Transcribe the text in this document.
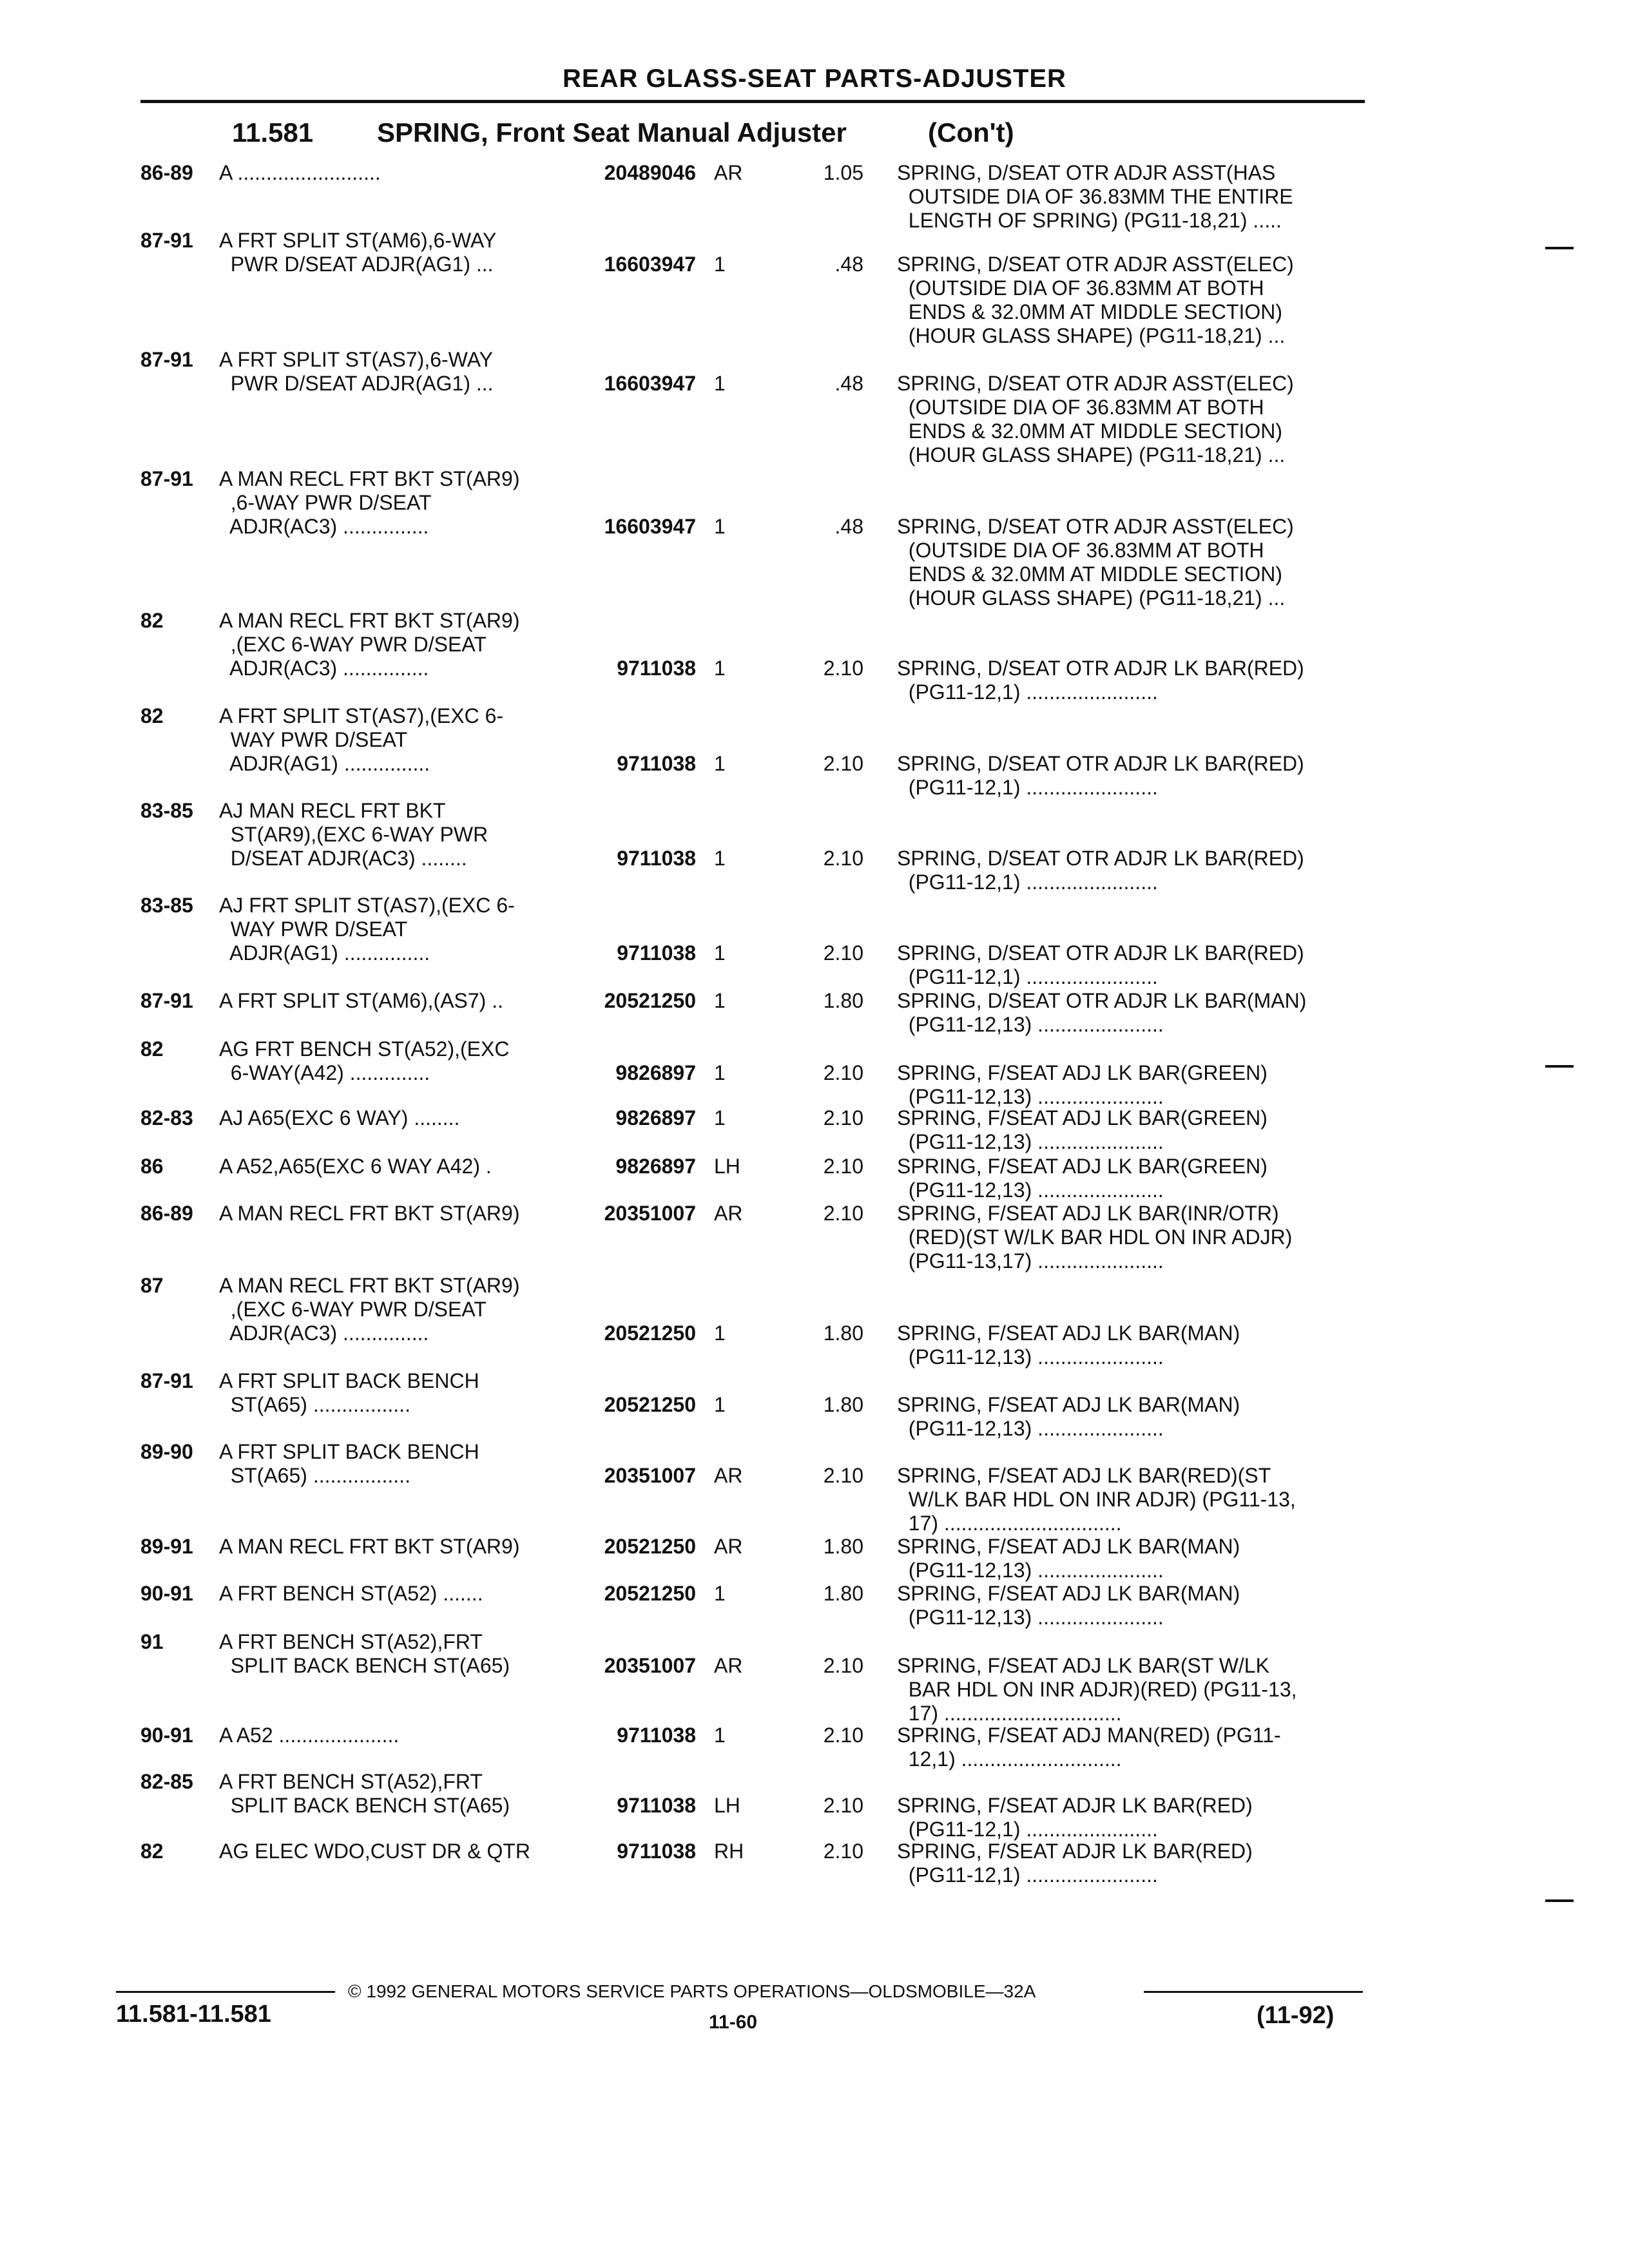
REAR GLASS-SEAT PARTS-ADJUSTER
11.581 SPRING, Front Seat Manual Adjuster	(Con't)
86-89 A .........................	20489046 AR	1.05 SPRING, D/SEAT OTR ADJR ASST(HAS
OUTSIDE DIA OF 36.83MM THE ENTIRE
LENGTH OF SPRING) (PG11-18,21) .....
87-91 A FRT SPLIT ST(AM6),6-WAY
PWR D/SEAT ADJR(AG1) ...	16603947 1	.48 SPRING, D/SEAT OTR ADJR ASST(ELEC)
(OUTSIDE DIA OF 36.83MM AT BOTH
ENDS & 32.0MM AT MIDDLE SECTION)
(HOUR GLASS SHAPE) (PG11-18,21) ...
87-91 A FRT SPLIT ST(AS7),6-WAY
PWR D/SEAT ADJR(AG1) ...	16603947 1	.48 SPRING, D/SEAT OTR ADJR ASST(ELEC)
(OUTSIDE DIA OF 36.83MM AT BOTH
ENDS & 32.0MM AT MIDDLE SECTION)
(HOUR GLASS SHAPE) (PG11-18,21) ...
87-91 A MAN RECL FRT BKT ST(AR9)
,6-WAY PWR D/SEAT
ADJR(AC3) ...............	16603947 1	.48 SPRING, D/SEAT OTR ADJR ASST(ELEC)
(OUTSIDE DIA OF 36.83MM AT BOTH
ENDS & 32.0MM AT MIDDLE SECTION)
(HOUR GLASS SHAPE) (PG11-18,21) ...
82	A MAN RECL FRT BKT ST(AR9)
,(EXC 6-WAY PWR D/SEAT
ADJR(AC3) ...............	9711038 1	2.10 SPRING, D/SEAT OTR ADJR LK BAR(RED)
(PG11-12,1) .......................
82	A FRT SPLIT ST(AS7),(EXC 6-
WAY PWR D/SEAT
ADJR(AG1) ...............	9711038 1	2.10 SPRING, D/SEAT OTR ADJR LK BAR(RED)
(PG11-12,1) .......................
83-85 AJ MAN RECL FRT BKT
ST(AR9),(EXC 6-WAY PWR
D/SEAT ADJR(AC3) ........	9711038 1	2.10 SPRING, D/SEAT OTR ADJR LK BAR(RED)
(PG11-12,1) .......................
83-85 AJ FRT SPLIT ST(AS7),(EXC 6-
WAY PWR D/SEAT
ADJR(AG1) ...............	9711038 1	2.10 SPRING, D/SEAT OTR ADJR LK BAR(RED)
(PG11-12,1) .......................
87-91 A FRT SPLIT ST(AM6),(AS7) ..	20521250 1	1.80 SPRING, D/SEAT OTR ADJR LK BAR(MAN)
(PG11-12,13) ......................
82	AG FRT BENCH ST(A52),(EXC
6-WAY(A42) ..............	9826897 1	2.10 SPRING, F/SEAT ADJ LK BAR(GREEN)
(PG11-12,13) ......................
82-83 AJ A65(EXC 6 WAY) ........	9826897 1	2.10 SPRING, F/SEAT ADJ LK BAR(GREEN)
(PG11-12,13) ......................
86	A A52,A65(EXC 6 WAY A42) .	9826897 LH	2.10 SPRING, F/SEAT ADJ LK BAR(GREEN)
(PG11-12,13) ......................
86-89 A MAN RECL FRT BKT ST(AR9)	20351007 AR	2.10 SPRING, F/SEAT ADJ LK BAR(INR/OTR)
(RED)(ST W/LK BAR HDL ON INR ADJR)
(PG11-13,17) ......................
87	A MAN RECL FRT BKT ST(AR9)
,(EXC 6-WAY PWR D/SEAT
ADJR(AC3) ...............	20521250 1	1.80 SPRING, F/SEAT ADJ LK BAR(MAN)
(PG11-12,13) ......................
87-91 A FRT SPLIT BACK BENCH
ST(A65) .................	20521250 1	1.80 SPRING, F/SEAT ADJ LK BAR(MAN)
(PG11-12,13) ......................
89-90 A FRT SPLIT BACK BENCH
ST(A65) .................	20351007 AR	2.10 SPRING, F/SEAT ADJ LK BAR(RED)(ST
W/LK BAR HDL ON INR ADJR) (PG11-13,
17) ...............................
89-91 A MAN RECL FRT BKT ST(AR9)	20521250 AR	1.80 SPRING, F/SEAT ADJ LK BAR(MAN)
(PG11-12,13) ......................
90-91 A FRT BENCH ST(A52) .......	20521250 1	1.80 SPRING, F/SEAT ADJ LK BAR(MAN)
(PG11-12,13) ......................
91	A FRT BENCH ST(A52),FRT
SPLIT BACK BENCH ST(A65)	20351007 AR	2.10 SPRING, F/SEAT ADJ LK BAR(ST W/LK
BAR HDL ON INR ADJR)(RED) (PG11-13,
17) ...............................
90-91 A A52 .....................	9711038 1	2.10 SPRING, F/SEAT ADJ MAN(RED) (PG11-
12,1) ............................
82-85 A FRT BENCH ST(A52),FRT
SPLIT BACK BENCH ST(A65)	9711038 LH	2.10 SPRING, F/SEAT ADJR LK BAR(RED)
(PG11-12,1) .......................
82	AG ELEC WDO,CUST DR & QTR	9711038 RH	2.10 SPRING, F/SEAT ADJR LK BAR(RED)
(PG11-12,1) .......................
© 1992 GENERAL MOTORS SERVICE PARTS OPERATIONS—OLDSMOBILE—32A
11.581-11.581	11-60	(11-92)
